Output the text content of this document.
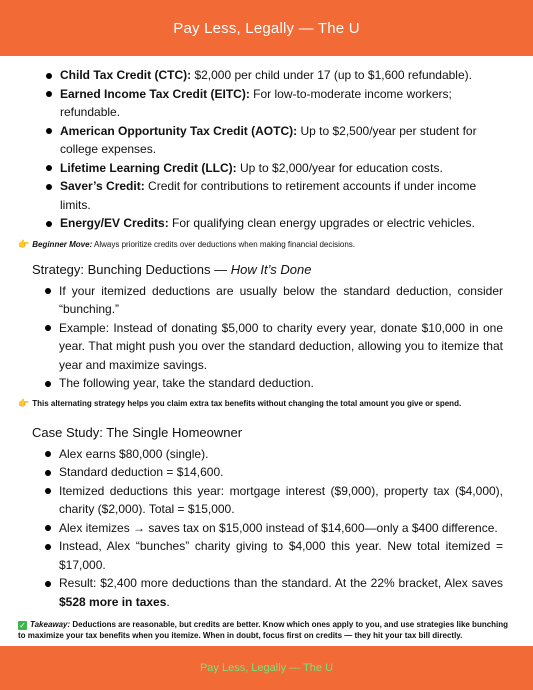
Pay Less, Legally — The U
Child Tax Credit (CTC): $2,000 per child under 17 (up to $1,600 refundable).
Earned Income Tax Credit (EITC): For low-to-moderate income workers; refundable.
American Opportunity Tax Credit (AOTC): Up to $2,500/year per student for college expenses.
Lifetime Learning Credit (LLC): Up to $2,000/year for education costs.
Saver’s Credit: Credit for contributions to retirement accounts if under income limits.
Energy/EV Credits: For qualifying clean energy upgrades or electric vehicles.
👉 Beginner Move: Always prioritize credits over deductions when making financial decisions.
Strategy: Bunching Deductions — How It’s Done
If your itemized deductions are usually below the standard deduction, consider “bunching.”
Example: Instead of donating $5,000 to charity every year, donate $10,000 in one year. That might push you over the standard deduction, allowing you to itemize that year and maximize savings.
The following year, take the standard deduction.
👉 This alternating strategy helps you claim extra tax benefits without changing the total amount you give or spend.
Case Study: The Single Homeowner
Alex earns $80,000 (single).
Standard deduction = $14,600.
Itemized deductions this year: mortgage interest ($9,000), property tax ($4,000), charity ($2,000). Total = $15,000.
Alex itemizes → saves tax on $15,000 instead of $14,600—only a $400 difference.
Instead, Alex “bunches” charity giving to $4,000 this year. New total itemized = $17,000.
Result: $2,400 more deductions than the standard. At the 22% bracket, Alex saves $528 more in taxes.
✓ Takeaway: Deductions are reasonable, but credits are better. Know which ones apply to you, and use strategies like bunching to maximize your tax benefits when you itemize. When in doubt, focus first on credits — they hit your tax bill directly.
Pay Less, Legally — The U
